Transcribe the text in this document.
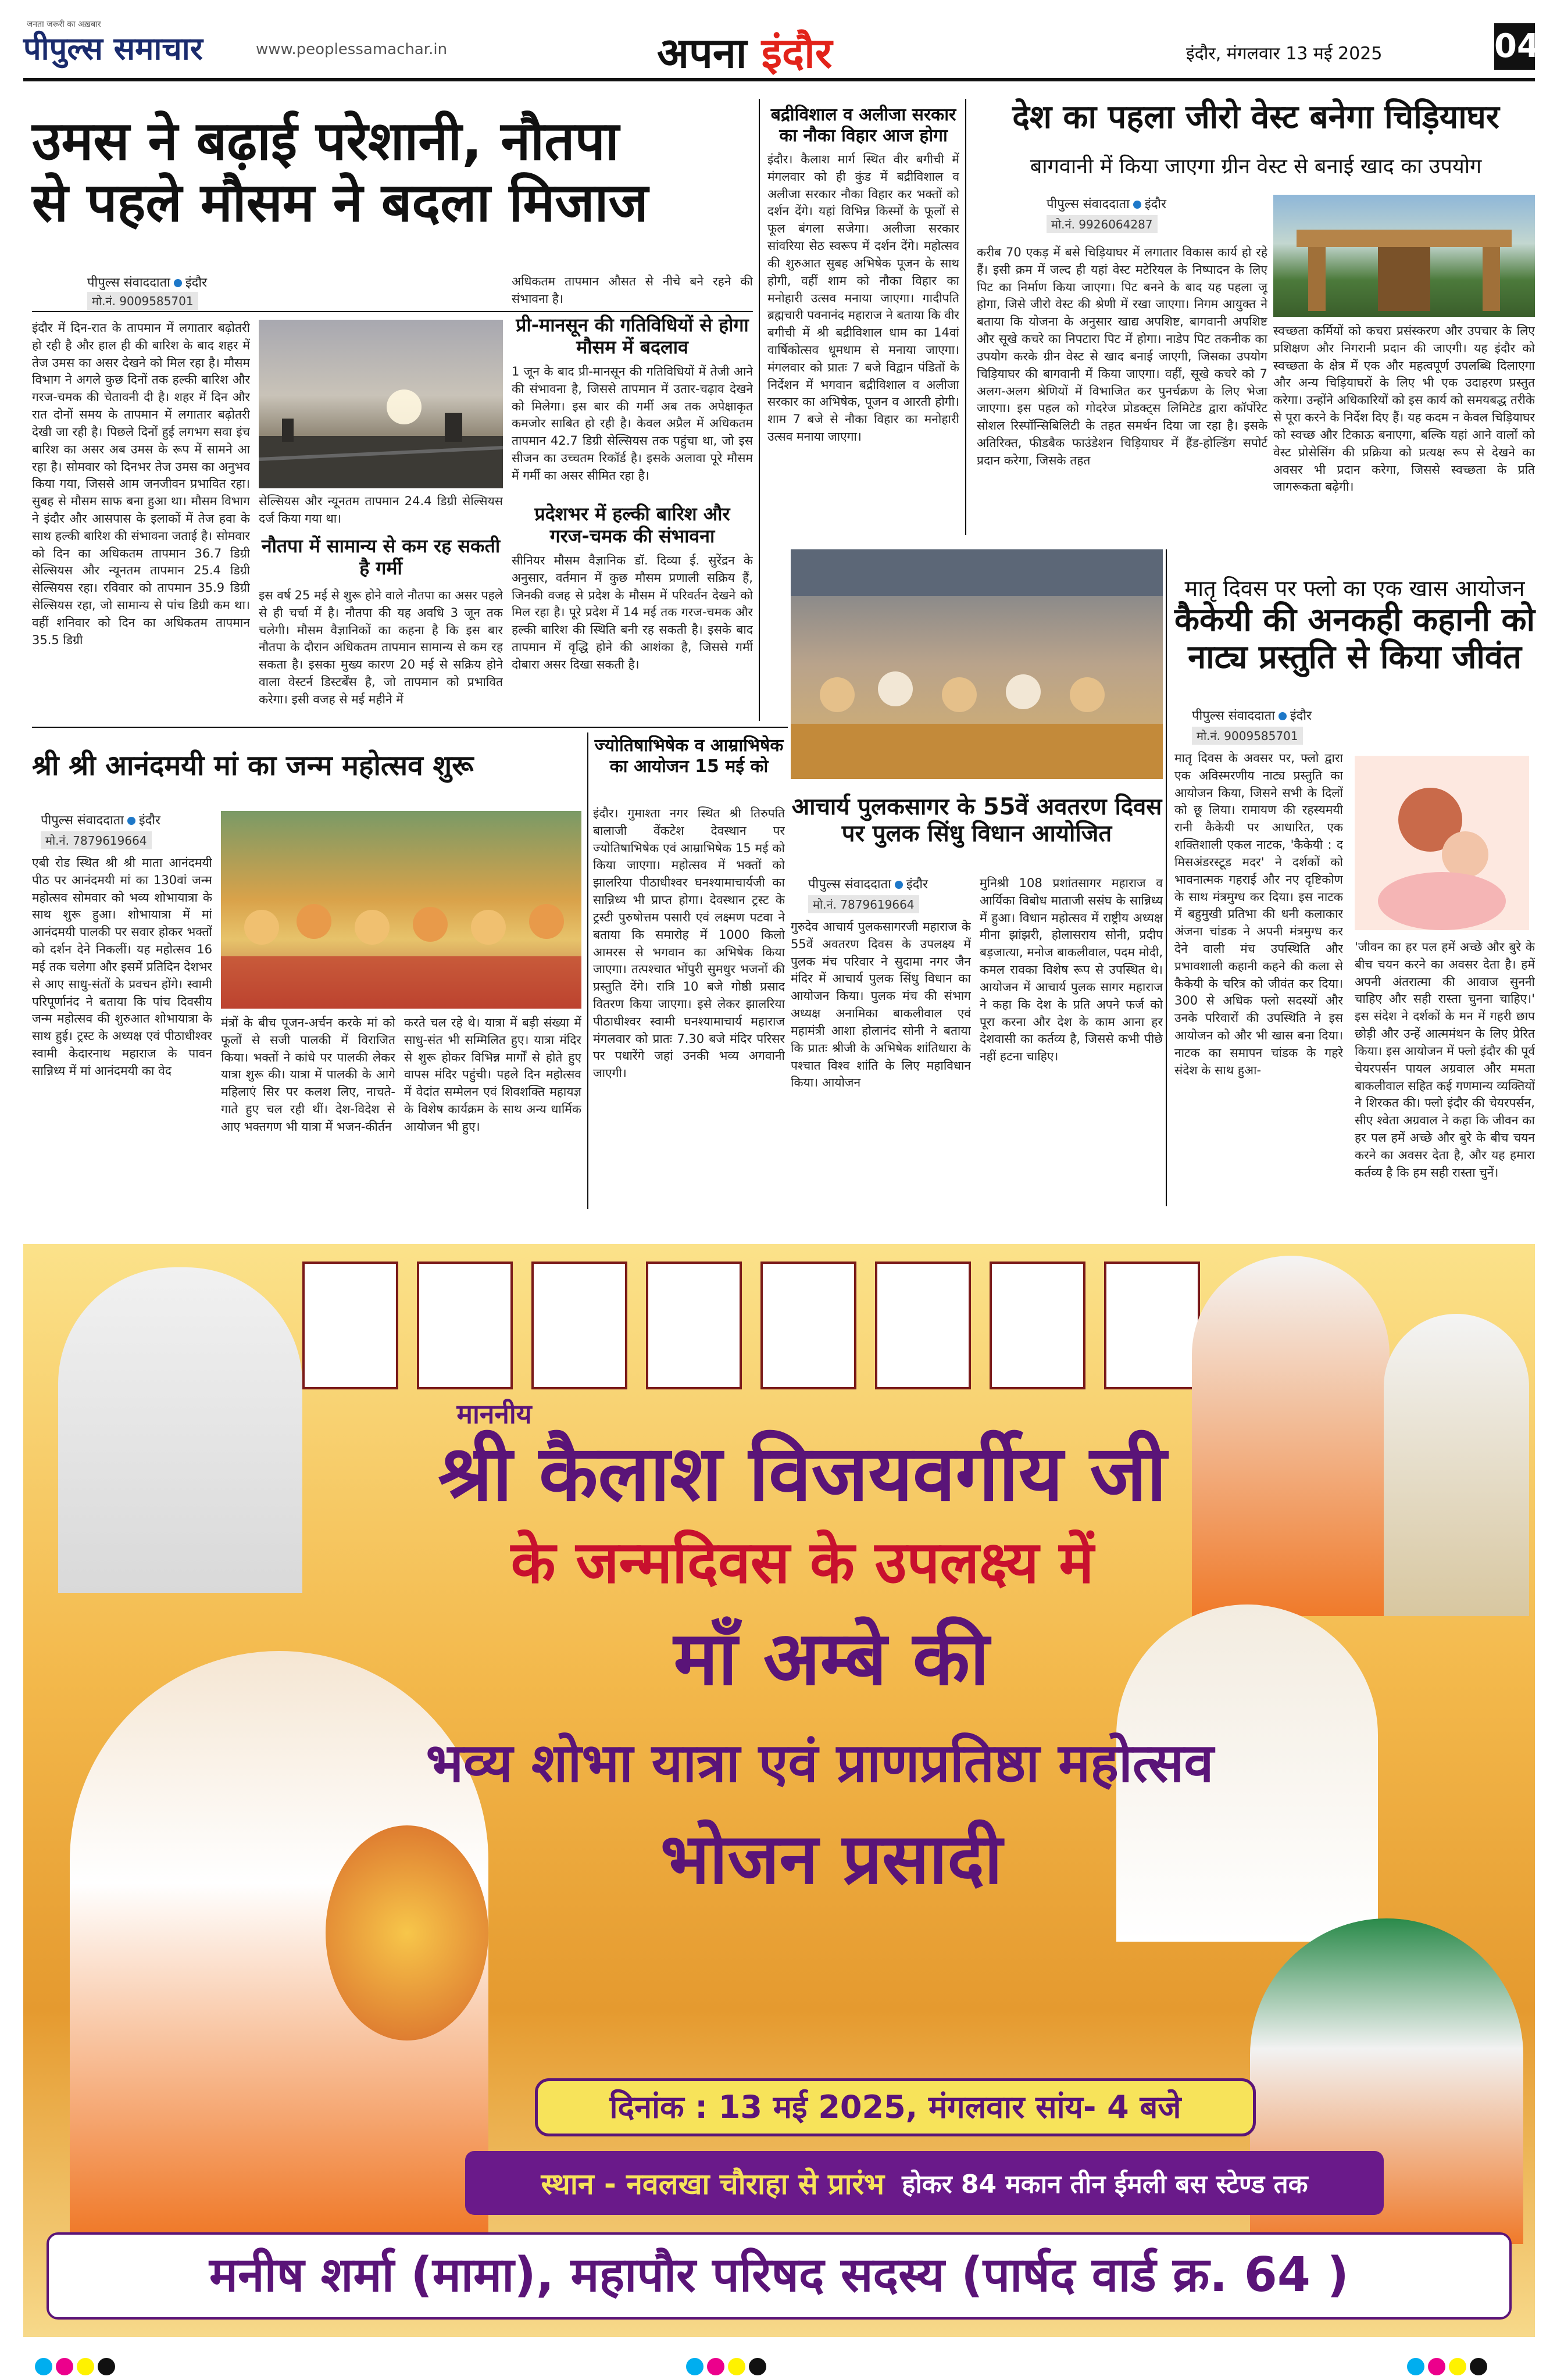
जनता जरूरी का अख़बार
पीपुल्स समाचार	www.peoplessamachar.in	अपना इंदौर	इंदौर, मंगलवार 13 मई 2025	04
उमस ने बढ़ाई परेशानी, नौतपा
से पहले मौसम ने बदला मिजाज
पीपुल्स संवाददाता इंदौर
मो.नं. 9009585701
इंदौर में दिन-रात के तापमान में लगातार बढ़ोतरी हो रही है और हाल ही की बारिश के बाद शहर में तेज उमस का असर देखने को मिल रहा है। मौसम विभाग ने अगले कुछ दिनों तक हल्की बारिश और गरज-चमक की चेतावनी दी है। शहर में दिन और रात दोनों समय के तापमान में लगातार बढ़ोतरी देखी जा रही है। पिछले दिनों हुई लगभग सवा इंच बारिश का असर अब उमस के रूप में सामने आ रहा है। सोमवार को दिनभर तेज उमस का अनुभव किया गया, जिससे आम जनजीवन प्रभावित रहा। सुबह से मौसम साफ बना हुआ था। मौसम विभाग ने इंदौर और आसपास के इलाकों में तेज हवा के साथ हल्की बारिश की संभावना जताई है। सोमवार को दिन का अधिकतम तापमान 36.7 डिग्री सेल्सियस और न्यूनतम तापमान 25.4 डिग्री सेल्सियस रहा। रविवार को तापमान 35.9 डिग्री सेल्सियस रहा, जो सामान्य से पांच डिग्री कम था। वहीं शनिवार को दिन का अधिकतम तापमान 35.5 डिग्री
सेल्सियस और न्यूनतम तापमान 24.4 डिग्री सेल्सियस दर्ज किया गया था।
नौतपा में सामान्य से कम रह सकती है गर्मी
इस वर्ष 25 मई से शुरू होने वाले नौतपा का असर पहले से ही चर्चा में है। नौतपा की यह अवधि 3 जून तक चलेगी। मौसम वैज्ञानिकों का कहना है कि इस बार नौतपा के दौरान अधिकतम तापमान सामान्य से कम रह सकता है। इसका मुख्य कारण 20 मई से सक्रिय होने वाला वेस्टर्न डिस्टर्बेंस है, जो तापमान को प्रभावित करेगा। इसी वजह से मई महीने में
अधिकतम तापमान औसत से नीचे बने रहने की संभावना है।
प्री-मानसून की गतिविधियों से होगा मौसम में बदलाव
1 जून के बाद प्री-मानसून की गतिविधियों में तेजी आने की संभावना है, जिससे तापमान में उतार-चढ़ाव देखने को मिलेगा। इस बार की गर्मी अब तक अपेक्षाकृत कमजोर साबित हो रही है। केवल अप्रैल में अधिकतम तापमान 42.7 डिग्री सेल्सियस तक पहुंचा था, जो इस सीजन का उच्चतम रिकॉर्ड है। इसके अलावा पूरे मौसम में गर्मी का असर सीमित रहा है।
प्रदेशभर में हल्की बारिश और गरज-चमक की संभावना
सीनियर मौसम वैज्ञानिक डॉ. दिव्या ई. सुरेंद्रन के अनुसार, वर्तमान में कुछ मौसम प्रणाली सक्रिय हैं, जिनकी वजह से प्रदेश के मौसम में परिवर्तन देखने को मिल रहा है। पूरे प्रदेश में 14 मई तक गरज-चमक और हल्की बारिश की स्थिति बनी रह सकती है। इसके बाद तापमान में वृद्धि होने की आशंका है, जिससे गर्मी दोबारा असर दिखा सकती है।
बद्रीविशाल व अलीजा सरकार का नौका विहार आज होगा
इंदौर। कैलाश मार्ग स्थित वीर बगीची में मंगलवार को ही कुंड में बद्रीविशाल व अलीजा सरकार नौका विहार कर भक्तों को दर्शन देंगे। यहां विभिन्न किस्मों के फूलों से फूल बंगला सजेगा। अलीजा सरकार सांवरिया सेठ स्वरूप में दर्शन देंगे। महोत्सव की शुरुआत सुबह अभिषेक पूजन के साथ होगी, वहीं शाम को नौका विहार का मनोहारी उत्सव मनाया जाएगा। गादीपति ब्रह्मचारी पवनानंद महाराज ने बताया कि वीर बगीची में श्री बद्रीविशाल धाम का 14वां वार्षिकोत्सव धूमधाम से मनाया जाएगा। मंगलवार को प्रातः 7 बजे विद्वान पंडितों के निर्देशन में भगवान बद्रीविशाल व अलीजा सरकार का अभिषेक, पूजन व आरती होगी। शाम 7 बजे से नौका विहार का मनोहारी उत्सव मनाया जाएगा।
देश का पहला जीरो वेस्ट बनेगा चिड़ियाघर
बागवानी में किया जाएगा ग्रीन वेस्ट से बनाई खाद का उपयोग
पीपुल्स संवाददाता इंदौर
मो.नं. 9926064287
करीब 70 एकड़ में बसे चिड़ियाघर में लगातार विकास कार्य हो रहे हैं। इसी क्रम में जल्द ही यहां वेस्ट मटेरियल के निष्पादन के लिए पिट का निर्माण किया जाएगा। पिट बनने के बाद यह पहला जू होगा, जिसे जीरो वेस्ट की श्रेणी में रखा जाएगा। निगम आयुक्त ने बताया कि योजना के अनुसार खाद्य अपशिष्ट, बागवानी अपशिष्ट और सूखे कचरे का निपटारा पिट में होगा। नाडेप पिट तकनीक का उपयोग करके ग्रीन वेस्ट से खाद बनाई जाएगी, जिसका उपयोग चिड़ियाघर की बागवानी में किया जाएगा। वहीं, सूखे कचरे को 7 अलग-अलग श्रेणियों में विभाजित कर पुनर्चक्रण के लिए भेजा जाएगा। इस पहल को गोदरेज प्रोडक्ट्स लिमिटेड द्वारा कॉर्पोरेट सोशल रिस्पॉन्सिबिलिटी के तहत समर्थन दिया जा रहा है। इसके अतिरिक्त, फीडबैक फाउंडेशन चिड़ियाघर में हैंड-होल्डिंग सपोर्ट प्रदान करेगा, जिसके तहत
स्वच्छता कर्मियों को कचरा प्रसंस्करण और उपचार के लिए प्रशिक्षण और निगरानी प्रदान की जाएगी। यह इंदौर को स्वच्छता के क्षेत्र में एक और महत्वपूर्ण उपलब्धि दिलाएगा और अन्य चिड़ियाघरों के लिए भी एक उदाहरण प्रस्तुत करेगा। उन्होंने अधिकारियों को इस कार्य को समयबद्ध तरीके से पूरा करने के निर्देश दिए हैं। यह कदम न केवल चिड़ियाघर को स्वच्छ और टिकाऊ बनाएगा, बल्कि यहां आने वालों को वेस्ट प्रोसेसिंग की प्रक्रिया को प्रत्यक्ष रूप से देखने का अवसर भी प्रदान करेगा, जिससे स्वच्छता के प्रति जागरूकता बढ़ेगी।
मातृ दिवस पर फ्लो का एक खास आयोजन
कैकेयी की अनकही कहानी को नाट्य प्रस्तुति से किया जीवंत
पीपुल्स संवाददाता इंदौर
मो.नं. 9009585701
मातृ दिवस के अवसर पर, फ्लो द्वारा एक अविस्मरणीय नाट्य प्रस्तुति का आयोजन किया, जिसने सभी के दिलों को छू लिया। रामायण की रहस्यमयी रानी कैकेयी पर आधारित, एक शक्तिशाली एकल नाटक, 'कैकेयी : द मिसअंडरस्टूड मदर' ने दर्शकों को भावनात्मक गहराई और नए दृष्टिकोण के साथ मंत्रमुग्ध कर दिया। इस नाटक में बहुमुखी प्रतिभा की धनी कलाकार अंजना चांडक ने अपनी मंत्रमुग्ध कर देने वाली मंच उपस्थिति और प्रभावशाली कहानी कहने की कला से कैकेयी के चरित्र को जीवंत कर दिया। 300 से अधिक फ्लो सदस्यों और उनके परिवारों की उपस्थिति ने इस आयोजन को और भी खास बना दिया। नाटक का समापन चांडक के गहरे संदेश के साथ हुआ-
'जीवन का हर पल हमें अच्छे और बुरे के बीच चयन करने का अवसर देता है। हमें अपनी अंतरात्मा की आवाज सुननी चाहिए और सही रास्ता चुनना चाहिए।' इस संदेश ने दर्शकों के मन में गहरी छाप छोड़ी और उन्हें आत्ममंथन के लिए प्रेरित किया। इस आयोजन में फ्लो इंदौर की पूर्व चेयरपर्सन पायल अग्रवाल और ममता बाकलीवाल सहित कई गणमान्य व्यक्तियों ने शिरकत की। फ्लो इंदौर की चेयरपर्सन, सीए श्वेता अग्रवाल ने कहा कि जीवन का हर पल हमें अच्छे और बुरे के बीच चयन करने का अवसर देता है, और यह हमारा कर्तव्य है कि हम सही रास्ता चुनें।
श्री श्री आनंदमयी मां का जन्म महोत्सव शुरू
पीपुल्स संवाददाता इंदौर
मो.नं. 7879619664
एबी रोड स्थित श्री श्री माता आनंदमयी पीठ पर आनंदमयी मां का 130वां जन्म महोत्सव सोमवार को भव्य शोभायात्रा के साथ शुरू हुआ। शोभायात्रा में मां आनंदमयी पालकी पर सवार होकर भक्तों को दर्शन देने निकलीं। यह महोत्सव 16 मई तक चलेगा और इसमें प्रतिदिन देशभर से आए साधु-संतों के प्रवचन होंगे। स्वामी परिपूर्णानंद ने बताया कि पांच दिवसीय जन्म महोत्सव की शुरुआत शोभायात्रा के साथ हुई। ट्रस्ट के अध्यक्ष एवं पीठाधीश्वर स्वामी केदारनाथ महाराज के पावन सान्निध्य में मां आनंदमयी का वेद
मंत्रों के बीच पूजन-अर्चन करके मां को फूलों से सजी पालकी में विराजित किया। भक्तों ने कांधे पर पालकी लेकर यात्रा शुरू की। यात्रा में पालकी के आगे महिलाएं सिर पर कलश लिए, नाचते-गाते हुए चल रही थीं। देश-विदेश से आए भक्तगण भी यात्रा में भजन-कीर्तन
करते चल रहे थे। यात्रा में बड़ी संख्या में साधु-संत भी सम्मिलित हुए। यात्रा मंदिर से शुरू होकर विभिन्न मार्गों से होते हुए वापस मंदिर पहुंची। पहले दिन महोत्सव में वेदांत सम्मेलन एवं शिवशक्ति महायज्ञ के विशेष कार्यक्रम के साथ अन्य धार्मिक आयोजन भी हुए।
ज्योतिषाभिषेक व आम्राभिषेक का आयोजन 15 मई को
इंदौर। गुमाश्ता नगर स्थित श्री तिरुपति बालाजी वेंकटेश देवस्थान पर ज्योतिषाभिषेक एवं आम्राभिषेक 15 मई को किया जाएगा। महोत्सव में भक्तों को झालरिया पीठाधीश्वर घनश्यामाचार्यजी का सान्निध्य भी प्राप्त होगा। देवस्थान ट्रस्ट के ट्रस्टी पुरुषोत्तम पसारी एवं लक्ष्मण पटवा ने बताया कि समारोह में 1000 किलो आमरस से भगवान का अभिषेक किया जाएगा। तत्पश्चात भोंपुरी सुमधुर भजनों की प्रस्तुति देंगे। रात्रि 10 बजे गोष्ठी प्रसाद वितरण किया जाएगा। इसे लेकर झालरिया पीठाधीश्वर स्वामी घनश्यामाचार्य महाराज मंगलवार को प्रातः 7.30 बजे मंदिर परिसर पर पधारेंगे जहां उनकी भव्य अगवानी जाएगी।
आचार्य पुलकसागर के 55वें अवतरण दिवस पर पुलक सिंधु विधान आयोजित
पीपुल्स संवाददाता इंदौर
मो.नं. 7879619664
गुरुदेव आचार्य पुलकसागरजी महाराज के 55वें अवतरण दिवस के उपलक्ष्य में पुलक मंच परिवार ने सुदामा नगर जैन मंदिर में आचार्य पुलक सिंधु विधान का आयोजन किया। पुलक मंच की संभाग अध्यक्ष अनामिका बाकलीवाल एवं महामंत्री आशा होलानंद सोनी ने बताया कि प्रातः श्रीजी के अभिषेक शांतिधारा के पश्चात विश्व शांति के लिए महाविधान किया। आयोजन
मुनिश्री 108 प्रशांतसागर महाराज व आर्यिका विबोध माताजी ससंघ के सान्निध्य में हुआ। विधान महोत्सव में राष्ट्रीय अध्यक्ष मीना झांझरी, होलासराय सोनी, प्रदीप बड़जात्या, मनोज बाकलीवाल, पदम मोदी, कमल रावका विशेष रूप से उपस्थित थे। आयोजन में आचार्य पुलक सागर महाराज ने कहा कि देश के प्रति अपने फर्ज को पूरा करना और देश के काम आना हर देशवासी का कर्तव्य है, जिससे कभी पीछे नहीं हटना चाहिए।
माननीय
श्री कैलाश विजयवर्गीय जी
के जन्मदिवस के उपलक्ष्य में
माँ अम्बे की
भव्य शोभा यात्रा एवं प्राणप्रतिष्ठा महोत्सव
भोजन प्रसादी
दिनांक : 13 मई 2025, मंगलवार सांय- 4 बजे
स्थान - नवलखा चौराहा से प्रारंभ होकर 84 मकान तीन ईमली बस स्टेण्ड तक
मनीष शर्मा (मामा), महापौर परिषद सदस्य (पार्षद वार्ड क्र. 64 )
